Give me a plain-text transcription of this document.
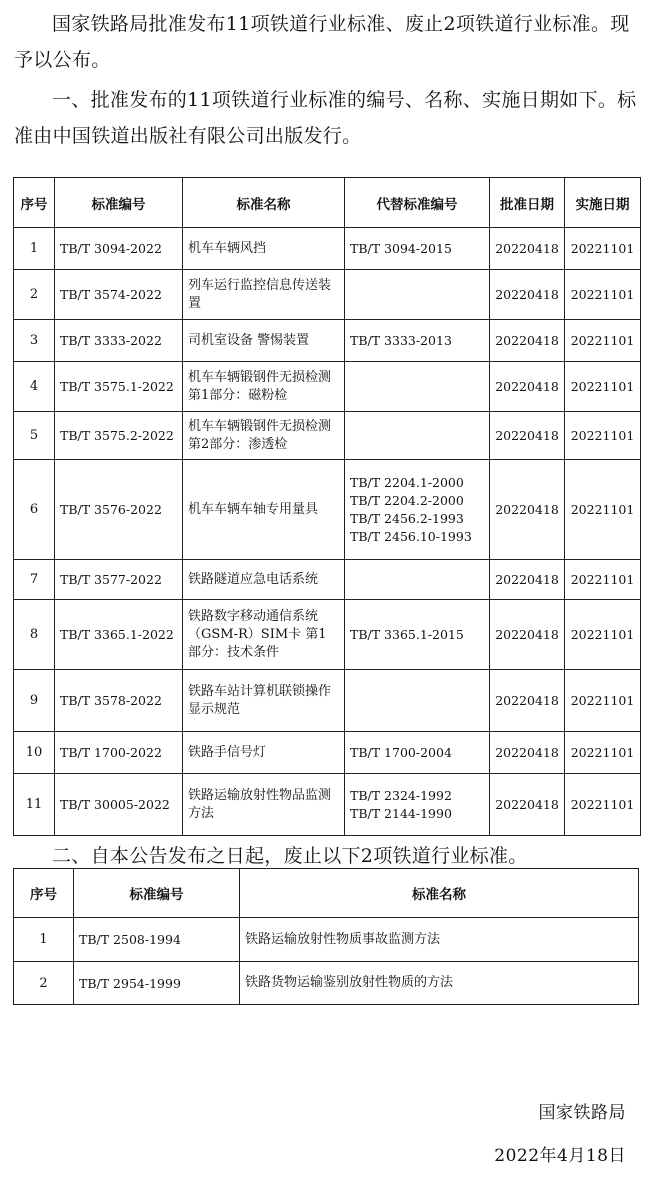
国家铁路局批准发布11项铁道行业标准、废止2项铁道行业标准。现予以公布。

一、批准发布的11项铁道行业标准的编号、名称、实施日期如下。标准由中国铁道出版社有限公司出版发行。

序号	标准编号	标准名称	代替标准编号	批准日期	实施日期
1	TB/T 3094-2022	机车车辆风挡	TB/T 3094-2015	20220418	20221101
2	TB/T 3574-2022	列车运行监控信息传送装置		20220418	20221101
3	TB/T 3333-2022	司机室设备 警惕装置	TB/T 3333-2013	20220418	20221101
4	TB/T 3575.1-2022	机车车辆锻钢件无损检测 第1部分：磁粉检		20220418	20221101
5	TB/T 3575.2-2022	机车车辆锻钢件无损检测 第2部分：渗透检		20220418	20221101
6	TB/T 3576-2022	机车车辆车轴专用量具	TB/T 2204.1-2000
TB/T 2204.2-2000
TB/T 2456.2-1993
TB/T 2456.10-1993	20220418	20221101
7	TB/T 3577-2022	铁路隧道应急电话系统		20220418	20221101
8	TB/T 3365.1-2022	铁路数字移动通信系统（GSM-R）SIM卡 第1部分：技术条件	TB/T 3365.1-2015	20220418	20221101
9	TB/T 3578-2022	铁路车站计算机联锁操作显示规范		20220418	20221101
10	TB/T 1700-2022	铁路手信号灯	TB/T 1700-2004	20220418	20221101
11	TB/T 30005-2022	铁路运输放射性物品监测方法	TB/T 2324-1992
TB/T 2144-1990	20220418	20221101

二、自本公告发布之日起，废止以下2项铁道行业标准。

序号	标准编号	标准名称
1	TB/T 2508-1994	铁路运输放射性物质事故监测方法
2	TB/T 2954-1999	铁路货物运输鉴别放射性物质的方法
国家铁路局
2022年4月18日
